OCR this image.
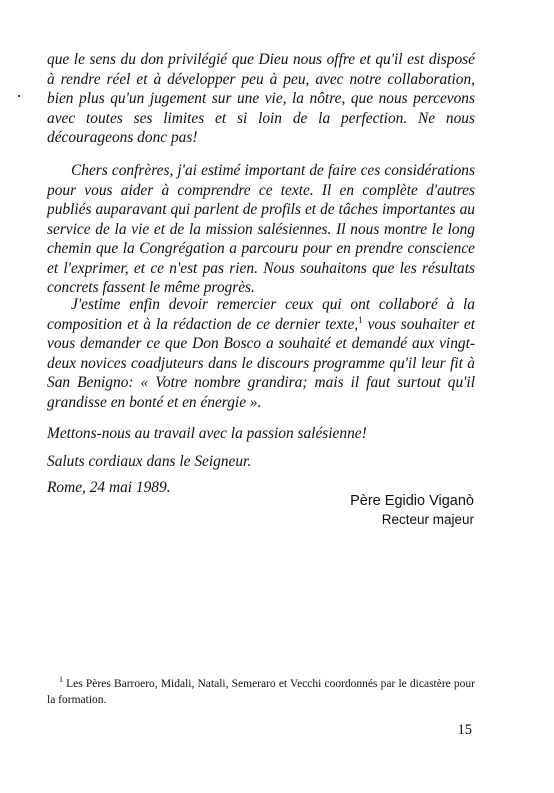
que le sens du don privilégié que Dieu nous offre et qu'il est disposé à rendre réel et à développer peu à peu, avec notre collaboration, bien plus qu'un jugement sur une vie, la nôtre, que nous percevons avec toutes ses limites et si loin de la perfection. Ne nous décourageons donc pas!

Chers confrères, j'ai estimé important de faire ces considérations pour vous aider à comprendre ce texte. Il en complète d'autres publiés auparavant qui parlent de profils et de tâches importantes au service de la vie et de la mission salésiennes. Il nous montre le long chemin que la Congrégation a parcouru pour en prendre conscience et l'exprimer, et ce n'est pas rien. Nous souhaitons que les résultats concrets fassent le même progrès.

J'estime enfin devoir remercier ceux qui ont collaboré à la composition et à la rédaction de ce dernier texte,$^1$ vous souhaiter et vous demander ce que Don Bosco a souhaité et demandé aux vingt-deux novices coadjuteurs dans le discours programme qu'il leur fit à San Benigno: « Votre nombre grandira; mais il faut surtout qu'il grandisse en bonté et en énergie ».

Mettons-nous au travail avec la passion salésienne!

Saluts cordiaux dans le Seigneur.

Rome, 24 mai 1989.

Père Egidio Viganò
Recteur majeur

$^1$ Les Pères Barroero, Midali, Natali, Semeraro et Vecchi coordonnés par le dicastère pour la formation.

15
